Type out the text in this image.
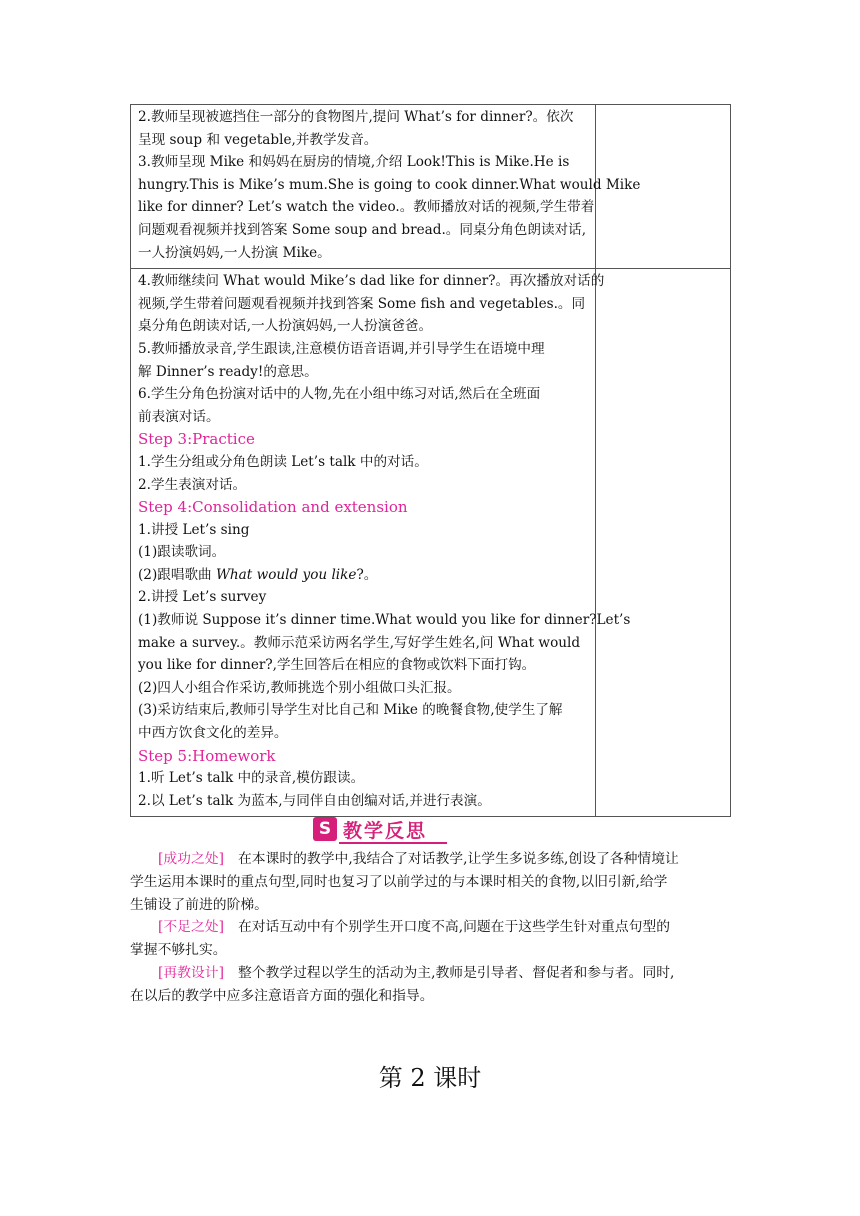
2.教师呈现被遮挡住一部分的食物图片,提问 What’s for dinner?。依次

呈现 soup 和 vegetable,并教学发音。

3.教师呈现 Mike 和妈妈在厨房的情境,介绍 Look!This is Mike.He is

hungry.This is Mike’s mum.She is going to cook dinner.What would Mike

like for dinner? Let’s watch the video.。教师播放对话的视频,学生带着

问题观看视频并找到答案 Some soup and bread.。同桌分角色朗读对话,

一人扮演妈妈,一人扮演 Mike。

4.教师继续问 What would Mike’s dad like for dinner?。再次播放对话的

视频,学生带着问题观看视频并找到答案 Some fish and vegetables.。同

桌分角色朗读对话,一人扮演妈妈,一人扮演爸爸。

5.教师播放录音,学生跟读,注意模仿语音语调,并引导学生在语境中理

解 Dinner’s ready!的意思。

6.学生分角色扮演对话中的人物,先在小组中练习对话,然后在全班面

前表演对话。

Step 3:Practice

1.学生分组或分角色朗读 Let’s talk 中的对话。

2.学生表演对话。

Step 4:Consolidation and extension

1.讲授 Let’s sing

(1)跟读歌词。

(2)跟唱歌曲 What would you like?。

2.讲授 Let’s survey

(1)教师说 Suppose it’s dinner time.What would you like for dinner?Let’s

make a survey.。教师示范采访两名学生,写好学生姓名,问 What would

you like for dinner?,学生回答后在相应的食物或饮料下面打钩。

(2)四人小组合作采访,教师挑选个别小组做口头汇报。

(3)采访结束后,教师引导学生对比自己和 Mike 的晚餐食物,使学生了解

中西方饮食文化的差异。

Step 5:Homework

1.听 Let’s talk 中的录音,模仿跟读。

2.以 Let’s talk 为蓝本,与同伴自由创编对话,并进行表演。

S 教学反思

[成功之处] 在本课时的教学中,我结合了对话教学,让学生多说多练,创设了各种情境让
学生运用本课时的重点句型,同时也复习了以前学过的与本课时相关的食物,以旧引新,给学
生铺设了前进的阶梯。

[不足之处] 在对话互动中有个别学生开口度不高,问题在于这些学生针对重点句型的
掌握不够扎实。

[再教设计] 整个教学过程以学生的活动为主,教师是引导者、督促者和参与者。同时,
在以后的教学中应多注意语音方面的强化和指导。

第 2 课时
